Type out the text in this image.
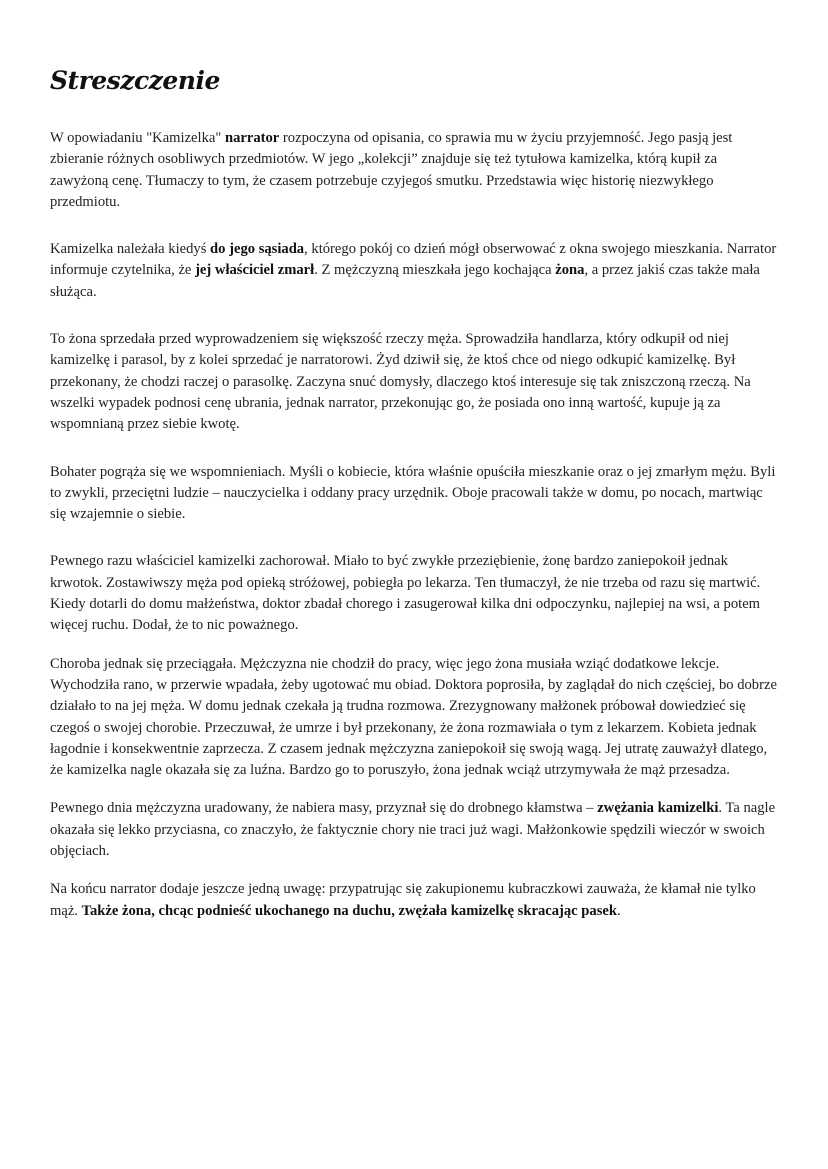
Streszczenie

W opowiadaniu "Kamizelka" narrator rozpoczyna od opisania, co sprawia mu w życiu przyjemność. Jego pasją jest zbieranie różnych osobliwych przedmiotów. W jego „kolekcji” znajduje się też tytułowa kamizelka, którą kupił za zawyżoną cenę. Tłumaczy to tym, że czasem potrzebuje czyjegoś smutku. Przedstawia więc historię niezwykłego przedmiotu.

Kamizelka należała kiedyś do jego sąsiada, którego pokój co dzień mógł obserwować z okna swojego mieszkania. Narrator informuje czytelnika, że jej właściciel zmarł. Z mężczyzną mieszkała jego kochająca żona, a przez jakiś czas także mała służąca.

To żona sprzedała przed wyprowadzeniem się większość rzeczy męża. Sprowadziła handlarza, który odkupił od niej kamizelkę i parasol, by z kolei sprzedać je narratorowi. Żyd dziwił się, że ktoś chce od niego odkupić kamizelkę. Był przekonany, że chodzi raczej o parasolkę. Zaczyna snuć domysły, dlaczego ktoś interesuje się tak zniszczoną rzeczą. Na wszelki wypadek podnosi cenę ubrania, jednak narrator, przekonując go, że posiada ono inną wartość, kupuje ją za wspomnianą przez siebie kwotę.

Bohater pogrąża się we wspomnieniach. Myśli o kobiecie, która właśnie opuściła mieszkanie oraz o jej zmarłym mężu. Byli to zwykli, przeciętni ludzie – nauczycielka i oddany pracy urzędnik. Oboje pracowali także w domu, po nocach, martwiąc się wzajemnie o siebie.

Pewnego razu właściciel kamizelki zachorował. Miało to być zwykłe przeziębienie, żonę bardzo zaniepokoił jednak krwotok. Zostawiwszy męża pod opieką stróżowej, pobiegła po lekarza. Ten tłumaczył, że nie trzeba od razu się martwić. Kiedy dotarli do domu małżeństwa, doktor zbadał chorego i zasugerował kilka dni odpoczynku, najlepiej na wsi, a potem więcej ruchu. Dodał, że to nic poważnego.

Choroba jednak się przeciągała. Mężczyzna nie chodził do pracy, więc jego żona musiała wziąć dodatkowe lekcje. Wychodziła rano, w przerwie wpadała, żeby ugotować mu obiad. Doktora poprosiła, by zaglądał do nich częściej, bo dobrze działało to na jej męża. W domu jednak czekała ją trudna rozmowa. Zrezygnowany małżonek próbował dowiedzieć się czegoś o swojej chorobie. Przeczuwał, że umrze i był przekonany, że żona rozmawiała o tym z lekarzem. Kobieta jednak łagodnie i konsekwentnie zaprzecza. Z czasem jednak mężczyzna zaniepokoił się swoją wagą. Jej utratę zauważył dlatego, że kamizelka nagle okazała się za luźna. Bardzo go to poruszyło, żona jednak wciąż utrzymywała że mąż przesadza.

Pewnego dnia mężczyzna uradowany, że nabiera masy, przyznał się do drobnego kłamstwa – zwężania kamizelki. Ta nagle okazała się lekko przyciasna, co znaczyło, że faktycznie chory nie traci już wagi. Małżonkowie spędzili wieczór w swoich objęciach.

Na końcu narrator dodaje jeszcze jedną uwagę: przypatrując się zakupionemu kubraczkowi zauważa, że kłamał nie tylko mąż. Także żona, chcąc podnieść ukochanego na duchu, zwężała kamizelkę skracając pasek.
